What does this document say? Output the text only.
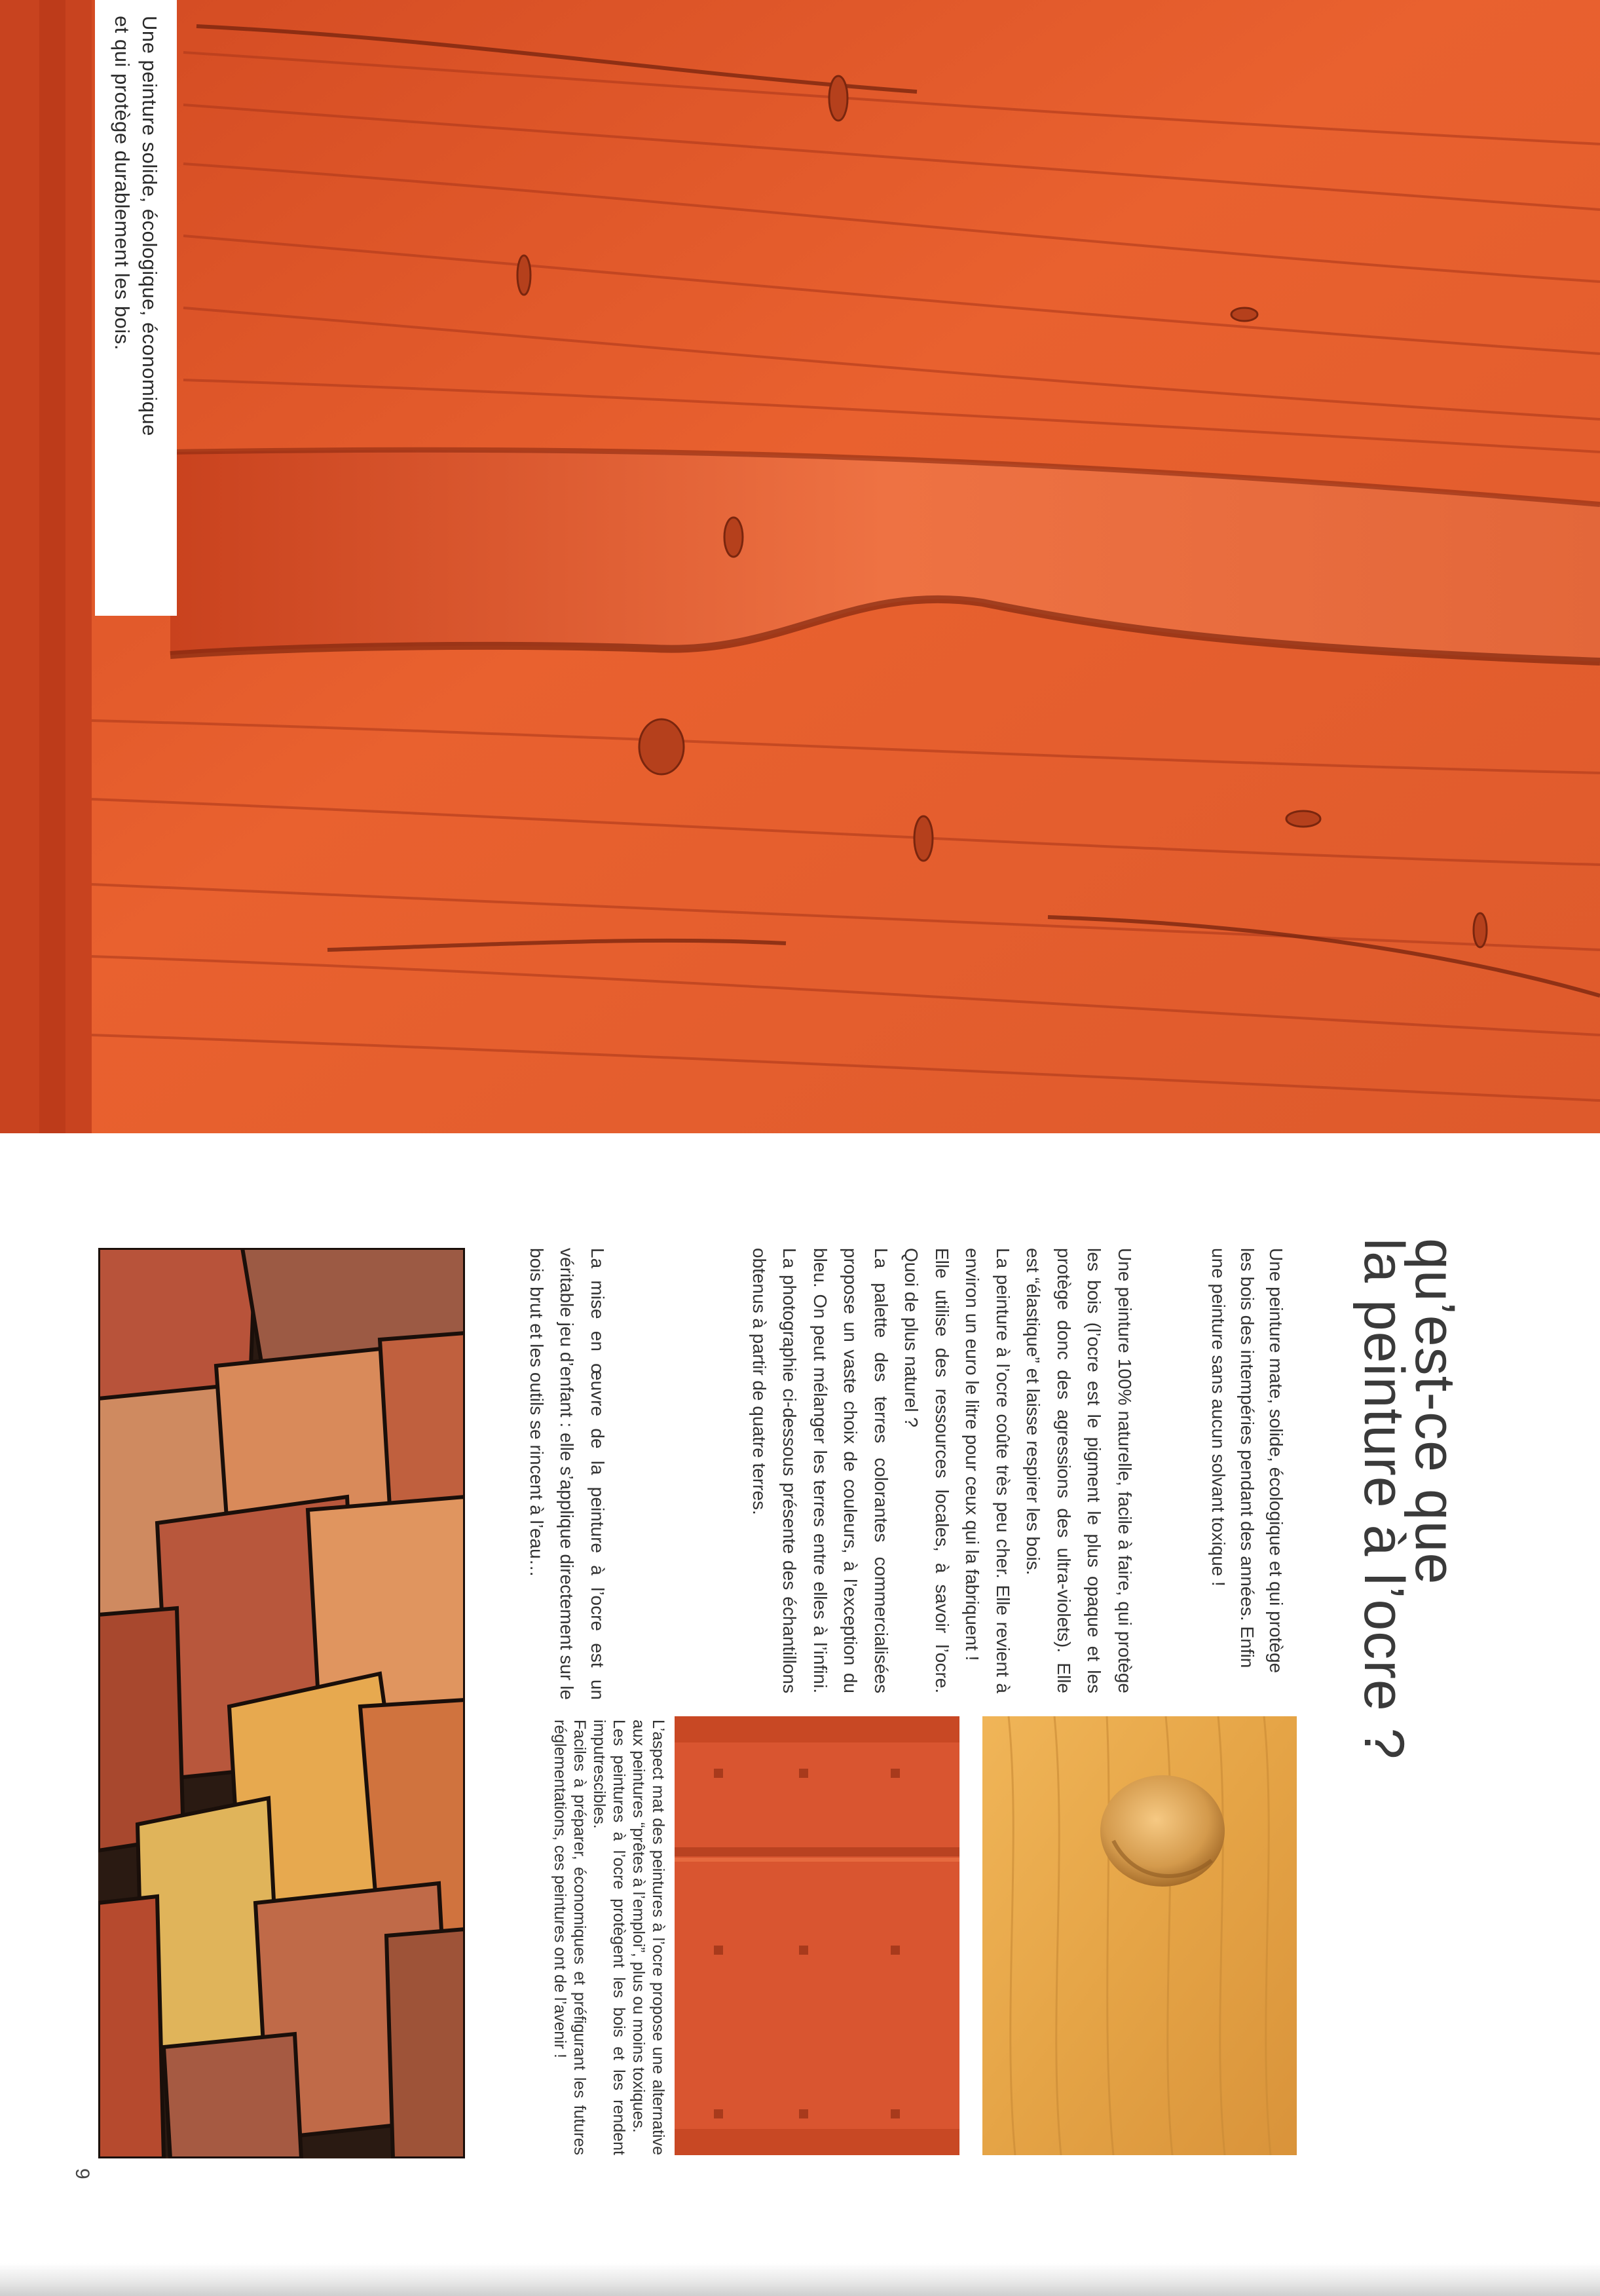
Une peinture solide, écologique, économique
et qui protège durablement les bois.
qu’est-ce que
la peinture à l’ocre ?
Une peinture mate, solide, écologique et qui protège les bois des intempéries pendant des années. Enfin une peinture sans aucun solvant toxique !

Une peinture 100% naturelle, facile à faire, qui protège les bois (l’ocre est le pigment le plus opaque et les protège donc des agressions des ultra-violets). Elle est “élastique” et laisse respirer les bois.

La peinture à l’ocre coûte très peu cher. Elle revient à environ un euro le litre pour ceux qui la fabriquent !

Elle utilise des ressources locales, à savoir l’ocre. Quoi de plus naturel ?

La palette des terres colorantes commercialisées propose un vaste choix de couleurs, à l’exception du bleu. On peut mélanger les terres entre elles à l’infini. La photographie ci-dessous présente des échantillons obtenus à partir de quatre terres.

La mise en œuvre de la peinture à l’ocre est un véritable jeu d’enfant : elle s’applique directement sur le bois brut et les outils se rincent à l’eau…

L’aspect mat des peintures à l’ocre propose une alternative aux peintures “prêtes à l’emploi”, plus ou moins toxiques.

Les peintures à l’ocre protègent les bois et les rendent imputrescibles.

Faciles à préparer, économiques et préfigurant les futures réglementations, ces peintures ont de l’avenir !

9
